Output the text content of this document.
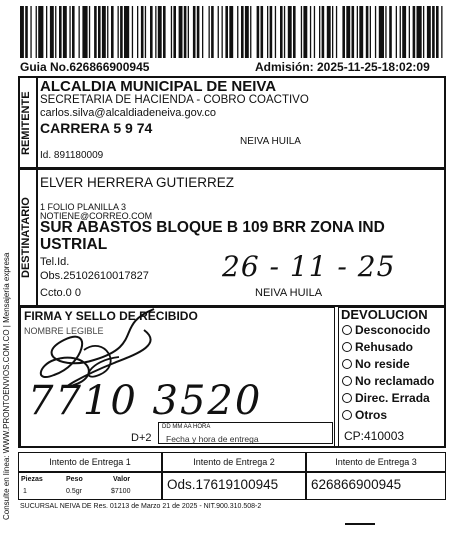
Guia No.626866900945	Admisión: 2025-11-25-18:02:09
Consulte en línea: WWW.PRONTOENVIOS.COM.CO | Mensajería expresa
REMITENTE
ALCALDIA MUNICIPAL DE NEIVA
SECRETARIA DE HACIENDA - COBRO COACTIVO
carlos.silva@alcaldiadeneiva.gov.co
CARRERA 5 9 74
NEIVA HUILA
Id. 891180009
DESTINATARIO
ELVER HERRERA GUTIERREZ
1 FOLIO PLANILLA 3
NOTIENE@CORREO.COM
SUR ABASTOS BLOQUE B 109 BRR ZONA IND
USTRIAL
Tel.Id.
Obs.25102610017827
Ccto.0 0	NEIVA HUILA
26 - 11 - 25
FIRMA Y SELLO DE RECIBIDO
NOMBRE LEGIBLE
7710 3520
D+2
DD MM AA HORA
Fecha y hora de entrega
DEVOLUCION
Desconocido
Rehusado
No reside
No reclamado
Direc. Errada
Otros
CP:410003
Intento de Entrega 1	Intento de Entrega 2	Intento de Entrega 3
Piezas	Peso	Valor
1	0.5gr	$7100	Ods.17619100945	626866900945
SUCURSAL NEIVA DE Res. 01213 de Marzo 21 de 2025 - NIT.900.310.508-2
